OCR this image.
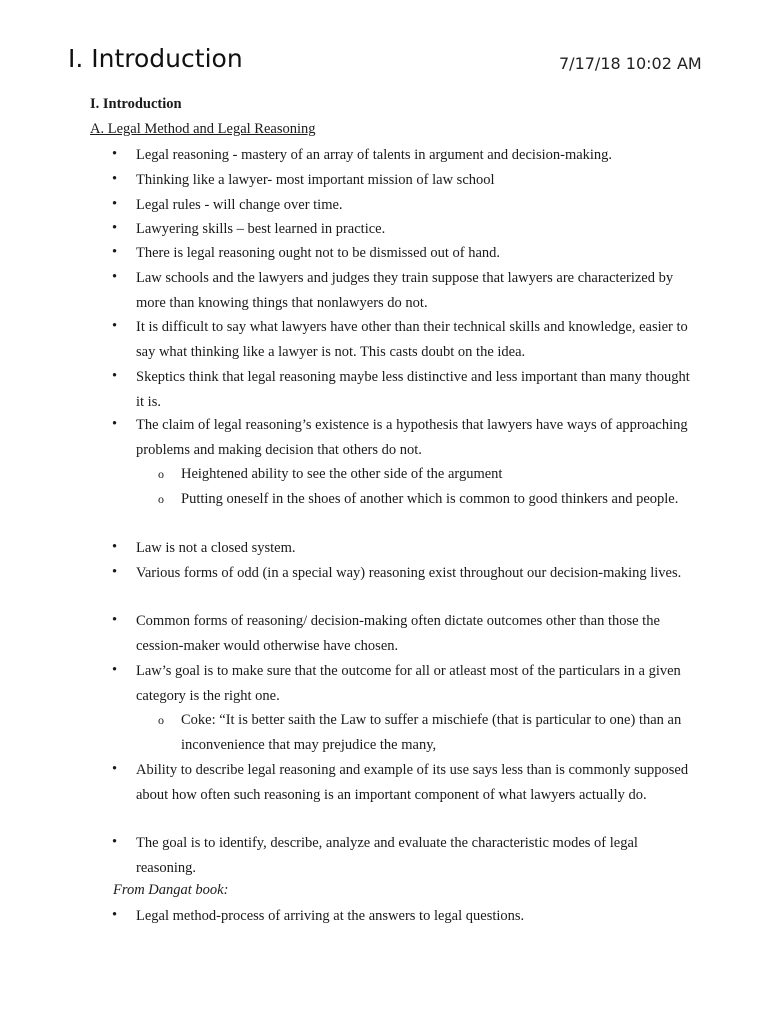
I. Introduction	7/17/18 10:02 AM
I. Introduction
A. Legal Method and Legal Reasoning
• Legal reasoning - mastery of an array of talents in argument and decision-making.
• Thinking like a lawyer- most important mission of law school
• Legal rules - will change over time.
• Lawyering skills – best learned in practice.
• There is legal reasoning ought not to be dismissed out of hand.
• Law schools and the lawyers and judges they train suppose that lawyers are characterized by more than knowing things that nonlawyers do not.
• It is difficult to say what lawyers have other than their technical skills and knowledge, easier to say what thinking like a lawyer is not. This casts doubt on the idea.
• Skeptics think that legal reasoning maybe less distinctive and less important than many thought it is.
• The claim of legal reasoning’s existence is a hypothesis that lawyers have ways of approaching problems and making decision that others do not.
o Heightened ability to see the other side of the argument
o Putting oneself in the shoes of another which is common to good thinkers and people.
• Law is not a closed system.
• Various forms of odd (in a special way) reasoning exist throughout our decision-making lives.
• Common forms of reasoning/ decision-making often dictate outcomes other than those the cession-maker would otherwise have chosen.
• Law’s goal is to make sure that the outcome for all or atleast most of the particulars in a given category is the right one.
o Coke: “It is better saith the Law to suffer a mischiefe (that is particular to one) than an inconvenience that may prejudice the many,
• Ability to describe legal reasoning and example of its use says less than is commonly supposed about how often such reasoning is an important component of what lawyers actually do.
• The goal is to identify, describe, analyze and evaluate the characteristic modes of legal reasoning.
From Dangat book:
• Legal method-process of arriving at the answers to legal questions.
